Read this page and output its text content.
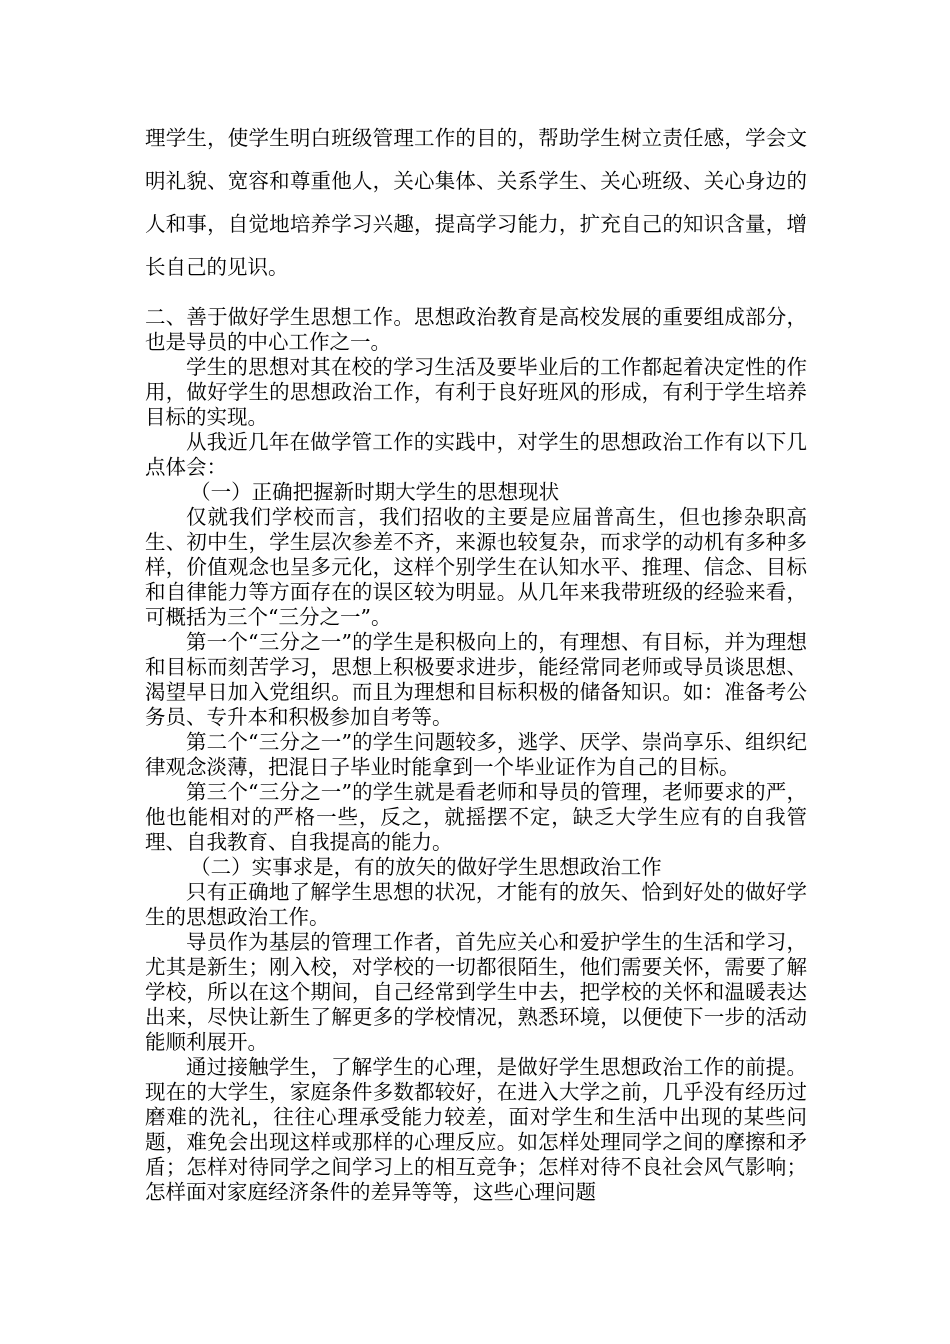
理学生，使学生明白班级管理工作的目的，帮助学生树立责任感，学会文明礼貌、宽容和尊重他人，关心集体、关系学生、关心班级、关心身边的人和事，自觉地培养学习兴趣，提高学习能力，扩充自己的知识含量，增长自己的见识。

二、善于做好学生思想工作。思想政治教育是高校发展的重要组成部分，也是导员的中心工作之一。

学生的思想对其在校的学习生活及要毕业后的工作都起着决定性的作用，做好学生的思想政治工作，有利于良好班风的形成，有利于学生培养目标的实现。

从我近几年在做学管工作的实践中，对学生的思想政治工作有以下几点体会：

（一）正确把握新时期大学生的思想现状

仅就我们学校而言，我们招收的主要是应届普高生，但也掺杂职高生、初中生，学生层次参差不齐，来源也较复杂，而求学的动机有多种多样，价值观念也呈多元化，这样个别学生在认知水平、推理、信念、目标和自律能力等方面存在的误区较为明显。从几年来我带班级的经验来看，可概括为三个“三分之一”。

第一个“三分之一”的学生是积极向上的，有理想、有目标，并为理想和目标而刻苦学习，思想上积极要求进步，能经常同老师或导员谈思想、渴望早日加入党组织。而且为理想和目标积极的储备知识。如：准备考公务员、专升本和积极参加自考等。

第二个“三分之一”的学生问题较多，逃学、厌学、崇尚享乐、组织纪律观念淡薄，把混日子毕业时能拿到一个毕业证作为自己的目标。

第三个“三分之一”的学生就是看老师和导员的管理，老师要求的严，他也能相对的严格一些，反之，就摇摆不定，缺乏大学生应有的自我管理、自我教育、自我提高的能力。

（二）实事求是，有的放矢的做好学生思想政治工作

只有正确地了解学生思想的状况，才能有的放矢、恰到好处的做好学生的思想政治工作。

导员作为基层的管理工作者，首先应关心和爱护学生的生活和学习，尤其是新生；刚入校，对学校的一切都很陌生，他们需要关怀，需要了解学校，所以在这个期间，自己经常到学生中去，把学校的关怀和温暖表达出来，尽快让新生了解更多的学校情况，熟悉环境，以便使下一步的活动能顺利展开。

通过接触学生，了解学生的心理，是做好学生思想政治工作的前提。现在的大学生，家庭条件多数都较好，在进入大学之前，几乎没有经历过磨难的洗礼，往往心理承受能力较差，面对学生和生活中出现的某些问题，难免会出现这样或那样的心理反应。如怎样处理同学之间的摩擦和矛盾；怎样对待同学之间学习上的相互竞争；怎样对待不良社会风气影响；怎样面对家庭经济条件的差异等等，这些心理问题
